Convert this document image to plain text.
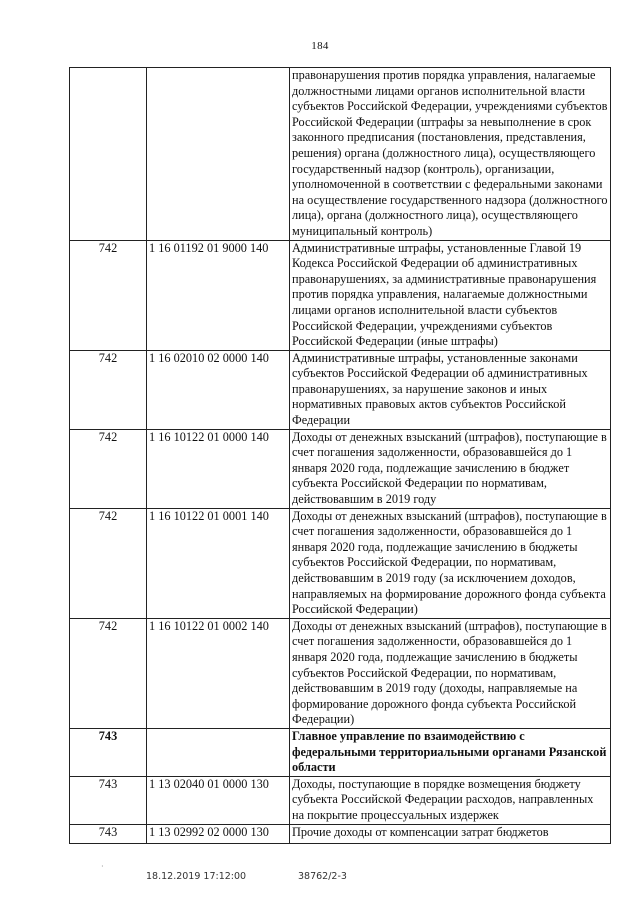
184
		правонарушения против порядка управления, налагаемые должностными лицами органов исполнительной власти субъектов Российской Федерации, учреждениями субъектов Российской Федерации (штрафы за невыполнение в срок законного предписания (постановления, представления, решения) органа (должностного лица), осуществляющего государственный надзор (контроль), организации, уполномоченной в соответствии с федеральными законами на осуществление государственного надзора (должностного лица), органа (должностного лица), осуществляющего муниципальный контроль)
742	1 16 01192 01 9000 140	Административные штрафы, установленные Главой 19 Кодекса Российской Федерации об административных правонарушениях, за административные правонарушения против порядка управления, налагаемые должностными лицами органов исполнительной власти субъектов Российской Федерации, учреждениями субъектов Российской Федерации (иные штрафы)
742	1 16 02010 02 0000 140	Административные штрафы, установленные законами субъектов Российской Федерации об административных правонарушениях, за нарушение законов и иных нормативных правовых актов субъектов Российской Федерации
742	1 16 10122 01 0000 140	Доходы от денежных взысканий (штрафов), поступающие в счет погашения задолженности, образовавшейся до 1 января 2020 года, подлежащие зачислению в бюджет субъекта Российской Федерации по нормативам, действовавшим в 2019 году
742	1 16 10122 01 0001 140	Доходы от денежных взысканий (штрафов), поступающие в счет погашения задолженности, образовавшейся до 1 января 2020 года, подлежащие зачислению в бюджеты субъектов Российской Федерации, по нормативам, действовавшим в 2019 году (за исключением доходов, направляемых на формирование дорожного фонда субъекта Российской Федерации)
742	1 16 10122 01 0002 140	Доходы от денежных взысканий (штрафов), поступающие в счет погашения задолженности, образовавшейся до 1 января 2020 года, подлежащие зачислению в бюджеты субъектов Российской Федерации, по нормативам, действовавшим в 2019 году (доходы, направляемые на формирование дорожного фонда субъекта Российской Федерации)
743		Главное управление по взаимодействию с федеральными территориальными органами Рязанской области
743	1 13 02040 01 0000 130	Доходы, поступающие в порядке возмещения бюджету субъекта Российской Федерации расходов, направленных на покрытие процессуальных издержек
743	1 13 02992 02 0000 130	Прочие доходы от компенсации затрат бюджетов
·
18.12.2019 17:12:00	38762/2-3
